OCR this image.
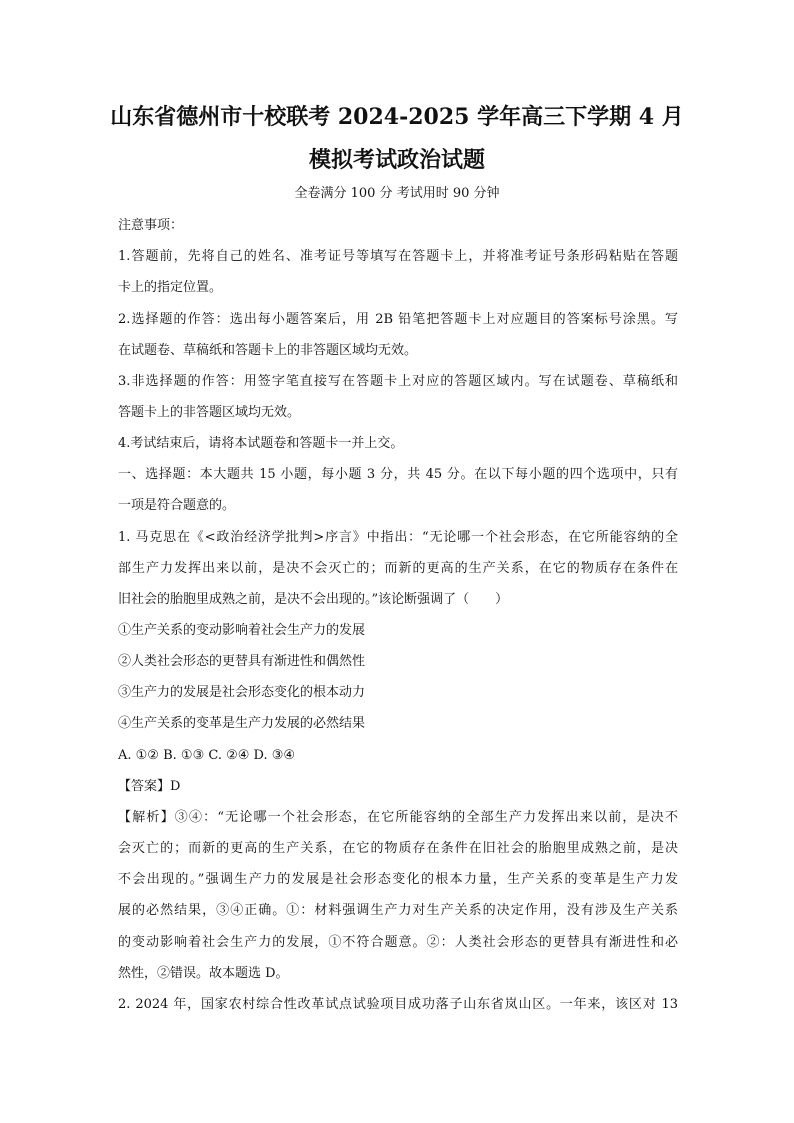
山东省德州市十校联考 2024-2025 学年高三下学期 4 月
模拟考试政治试题
全卷满分 100 分 考试用时 90 分钟
注意事项：
1.答题前，先将自己的姓名、准考证号等填写在答题卡上，并将准考证号条形码粘贴在答题
卡上的指定位置。
2.选择题的作答：选出每小题答案后，用 2B 铅笔把答题卡上对应题目的答案标号涂黑。写
在试题卷、草稿纸和答题卡上的非答题区域均无效。
3.非选择题的作答：用签字笔直接写在答题卡上对应的答题区域内。写在试题卷、草稿纸和
答题卡上的非答题区域均无效。
4.考试结束后，请将本试题卷和答题卡一并上交。
一、选择题：本大题共 15 小题，每小题 3 分，共 45 分。在以下每小题的四个选项中，只有
一项是符合题意的。
1. 马克思在《<政治经济学批判>序言》中指出：“无论哪一个社会形态，在它所能容纳的全
部生产力发挥出来以前，是决不会灭亡的；而新的更高的生产关系，在它的物质存在条件在
旧社会的胎胞里成熟之前，是决不会出现的。”该论断强调了（　　）
①生产关系的变动影响着社会生产力的发展
②人类社会形态的更替具有渐进性和偶然性
③生产力的发展是社会形态变化的根本动力
④生产关系的变革是生产力发展的必然结果
A. ①② B. ①③ C. ②④ D. ③④
【答案】D
【解析】③④：“无论哪一个社会形态，在它所能容纳的全部生产力发挥出来以前，是决不
会灭亡的；而新的更高的生产关系，在它的物质存在条件在旧社会的胎胞里成熟之前，是决
不会出现的。”强调生产力的发展是社会形态变化的根本力量，生产关系的变革是生产力发
展的必然结果，③④正确。①：材料强调生产力对生产关系的决定作用，没有涉及生产关系
的变动影响着社会生产力的发展，①不符合题意。②：人类社会形态的更替具有渐进性和必
然性，②错误。故本题选 D。
2. 2024 年，国家农村综合性改革试点试验项目成功落子山东省岚山区。一年来，该区对 13
